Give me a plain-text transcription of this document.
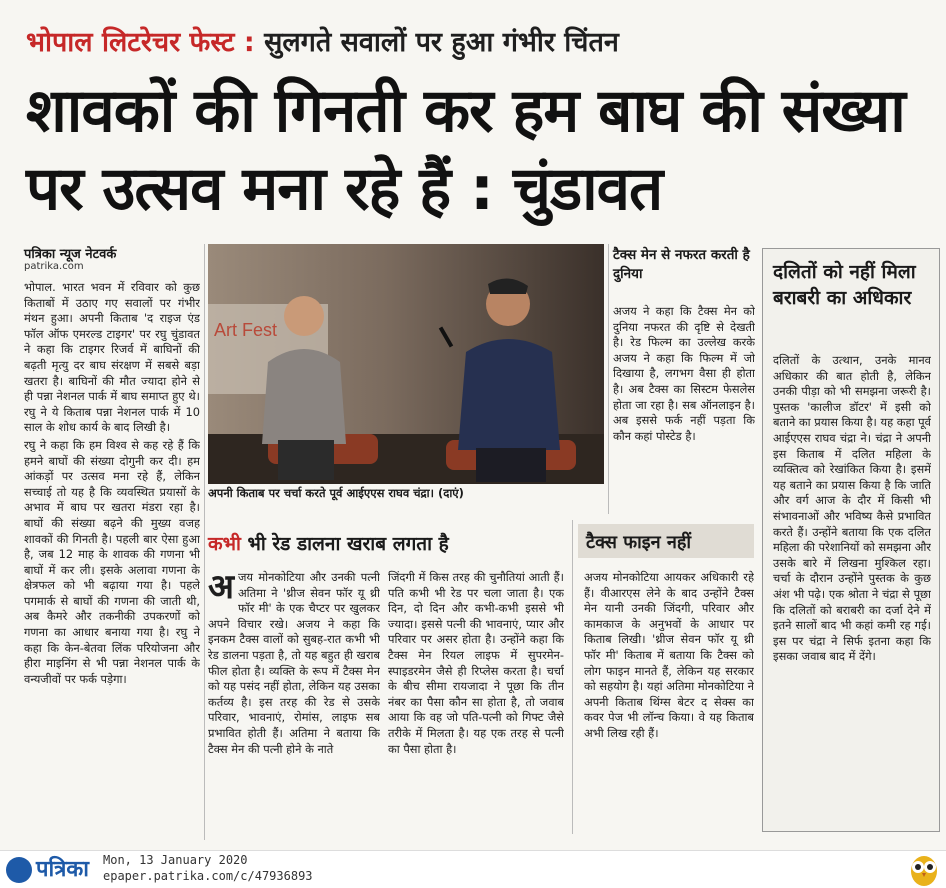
भोपाल लिटरेचर फेस्ट : सुलगते सवालों पर हुआ गंभीर चिंतन
शावकों की गिनती कर हम बाघ की संख्या पर उत्सव मना रहे हैं : चुंडावत
पत्रिका न्यूज नेटवर्क
patrika.com

भोपाल. भारत भवन में रविवार को कुछ किताबों में उठाए गए सवालों पर गंभीर मंथन हुआ। अपनी किताब 'द राइज एंड फॉल ऑफ एमरल्ड टाइगर' पर रघु चुंडावत ने कहा कि टाइगर रिजर्व में बाघिनों की बढ़ती मृत्यु दर बाघ संरक्षण में सबसे बड़ा खतरा है। बाघिनों की मौत ज्यादा होने से ही पन्ना नेशनल पार्क में बाघ समाप्त हुए थे। रघु ने ये किताब पन्ना नेशनल पार्क में 10 साल के शोध कार्य के बाद लिखी है।

रघु ने कहा कि हम विश्व से कह रहे हैं कि हमने बाघों की संख्या दोगुनी कर दी। हम आंकड़ों पर उत्सव मना रहे हैं, लेकिन सच्चाई तो यह है कि व्यवस्थित प्रयासों के अभाव में बाघ पर खतरा मंडरा रहा है। बाघों की संख्या बढ़ने की मुख्य वजह शावकों की गिनती है। पहली बार ऐसा हुआ है, जब 12 माह के शावक की गणना भी बाघों में कर ली। इसके अलावा गणना के क्षेत्रफल को भी बढ़ाया गया है। पहले पगमार्क से बाघों की गणना की जाती थी, अब कैमरे और तकनीकी उपकरणों को गणना का आधार बनाया गया है। रघु ने कहा कि केन-बेतवा लिंक परियोजना और हीरा माइनिंग से भी पन्ना नेशनल पार्क के वन्यजीवों पर फर्क पड़ेगा।

Art Fest
अपनी किताब पर चर्चा करते पूर्व आईएएस राघव चंद्रा। (दाएं)
टैक्स मेन से नफरत करती है दुनिया
अजय ने कहा कि टैक्स मेन को दुनिया नफरत की दृष्टि से देखती है। रेड फिल्म का उल्लेख करके अजय ने कहा कि फिल्म में जो दिखाया है, लगभग वैसा ही होता है। अब टैक्स का सिस्टम फेसलेस होता जा रहा है। सब ऑनलाइन है। अब इससे फर्क नहीं पड़ता कि कौन कहां पोस्टेड है।
दलितों को नहीं मिला बराबरी का अधिकार
दलितों के उत्थान, उनके मानव अधिकार की बात होती है, लेकिन उनकी पीड़ा को भी समझना जरूरी है। पुस्तक 'कालीज डॉटर' में इसी को बताने का प्रयास किया है। यह कहा पूर्व आईएएस राघव चंद्रा ने। चंद्रा ने अपनी इस किताब में दलित महिला के व्यक्तित्व को रेखांकित किया है। इसमें यह बताने का प्रयास किया है कि जाति और वर्ग आज के दौर में किसी भी संभावनाओं और भविष्य कैसे प्रभावित करते हैं। उन्होंने बताया कि एक दलित महिला की परेशानियों को समझना और उसके बारे में लिखना मुश्किल रहा। चर्चा के दौरान उन्होंने पुस्तक के कुछ अंश भी पढ़े। एक श्रोता ने चंद्रा से पूछा कि दलितों को बराबरी का दर्जा देने में इतने सालों बाद भी कहां कमी रह गई। इस पर चंद्रा ने सिर्फ इतना कहा कि इसका जवाब बाद में देंगे।
कभी भी रेड डालना खराब लगता है
अजय मोनकोटिया और उनकी पत्नी अतिमा ने 'थ्रीज सेवन फॉर यू थ्री फॉर मी' के एक चैप्टर पर खुलकर अपने विचार रखे। अजय ने कहा कि इनकम टैक्स वालों को सुबह-रात कभी भी रेड डालना पड़ता है, तो यह बहुत ही खराब फील होता है। व्यक्ति के रूप में टैक्स मेन को यह पसंद नहीं होता, लेकिन यह उसका कर्तव्य है। इस तरह की रेड से उसके परिवार, भावनाएं, रोमांस, लाइफ सब प्रभावित होती हैं। अतिमा ने बताया कि टैक्स मेन की पत्नी होने के नाते
जिंदगी में किस तरह की चुनौतियां आती हैं। पति कभी भी रेड पर चला जाता है। एक दिन, दो दिन और कभी-कभी इससे भी ज्यादा। इससे पत्नी की भावनाएं, प्यार और परिवार पर असर होता है। उन्होंने कहा कि टैक्स मेन रियल लाइफ में सुपरमेन-स्पाइडरमेन जैसे ही रिप्लेस करता है। चर्चा के बीच सीमा रायजादा ने पूछा कि तीन नंबर का पैसा कौन सा होता है, तो जवाब आया कि वह जो पति-पत्नी को गिफ्ट जैसे तरीके में मिलता है। यह एक तरह से पत्नी का पैसा होता है।
टैक्स फाइन नहीं
अजय मोनकोटिया आयकर अधिकारी रहे हैं। वीआरएस लेने के बाद उन्होंने टैक्स मेन यानी उनकी जिंदगी, परिवार और कामकाज के अनुभवों के आधार पर किताब लिखी। 'थ्रीज सेवन फॉर यू थ्री फॉर मी' किताब में बताया कि टैक्स को लोग फाइन मानते हैं, लेकिन यह सरकार को सहयोग है। यहां अतिमा मोनकोटिया ने अपनी किताब थिंग्स बेटर द सेक्स का कवर पेज भी लॉन्च किया। वे यह किताब अभी लिख रही हैं।
पत्रिका Mon, 13 January 2020
epaper.patrika.com/c/47936893
